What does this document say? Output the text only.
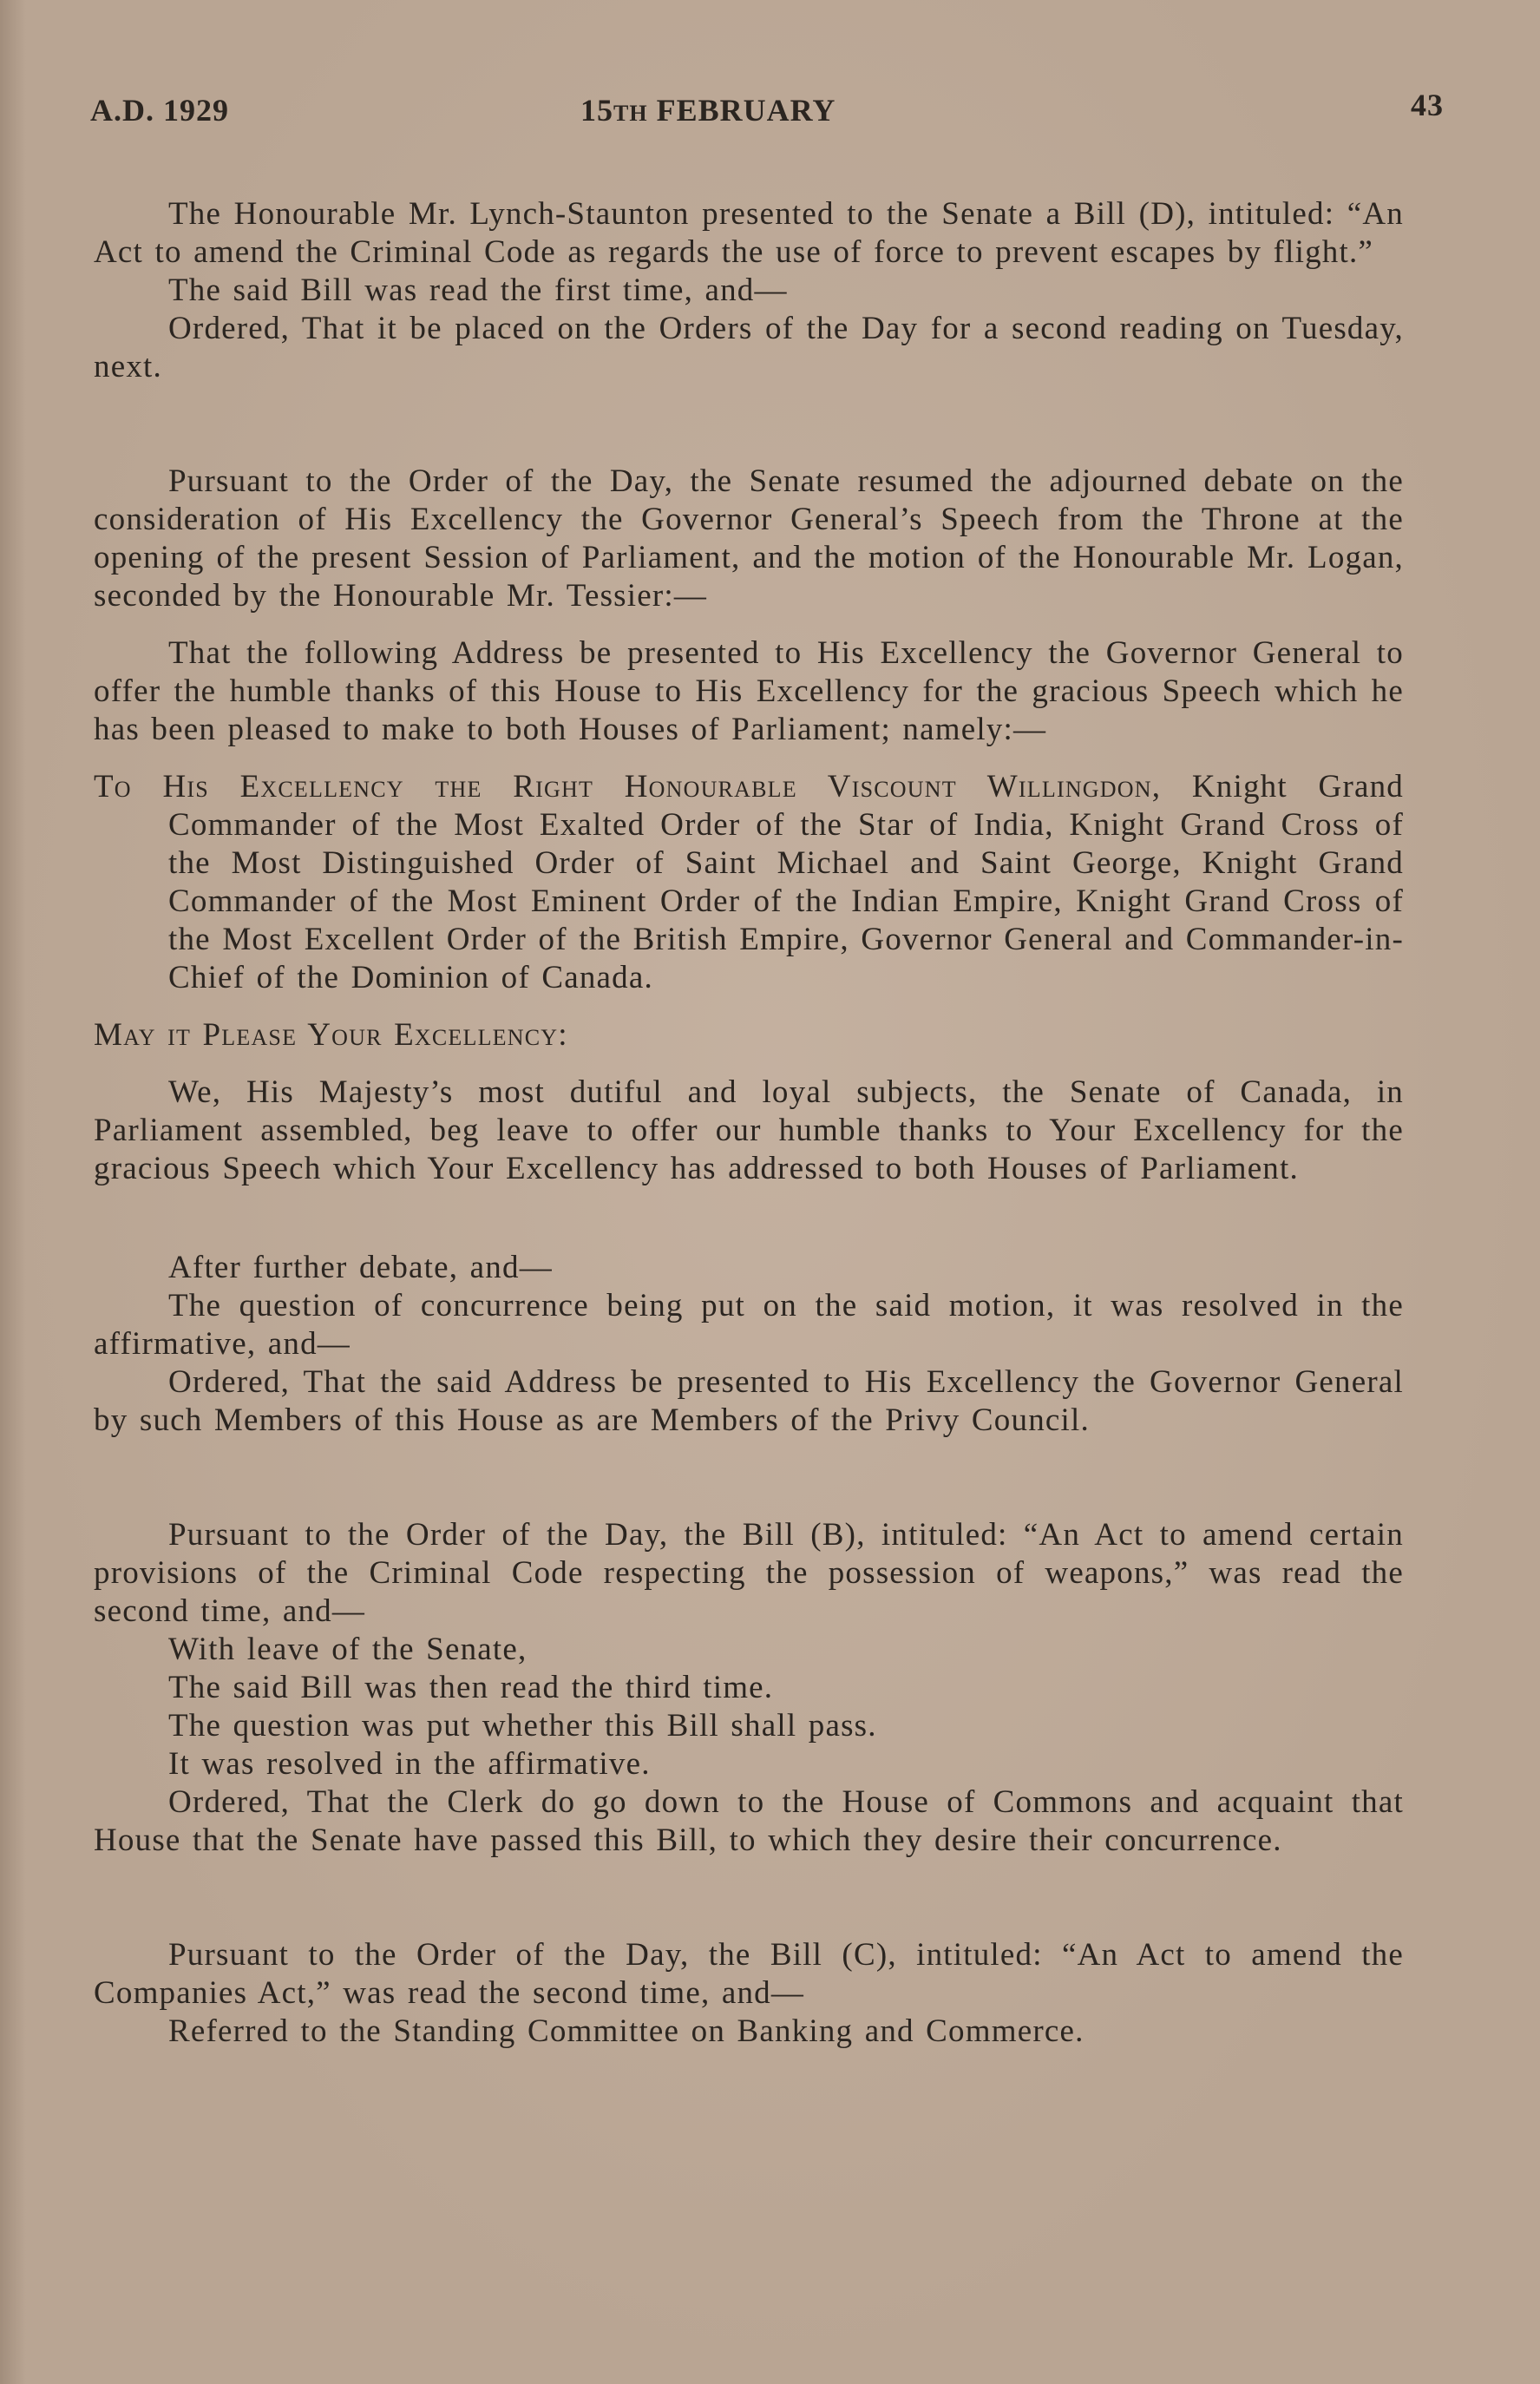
A.D. 1929	15TH FEBRUARY	43

The Honourable Mr. Lynch-Staunton presented to the Senate a Bill (D), intituled: “An Act to amend the Criminal Code as regards the use of force to prevent escapes by flight.”

The said Bill was read the first time, and—

Ordered, That it be placed on the Orders of the Day for a second reading on Tuesday, next.

Pursuant to the Order of the Day, the Senate resumed the adjourned debate on the consideration of His Excellency the Governor General’s Speech from the Throne at the opening of the present Session of Parliament, and the motion of the Honourable Mr. Logan, seconded by the Honourable Mr. Tessier:—

That the following Address be presented to His Excellency the Governor General to offer the humble thanks of this House to His Excellency for the gracious Speech which he has been pleased to make to both Houses of Parliament; namely:—

To His Excellency the Right Honourable Viscount Willingdon, Knight Grand Commander of the Most Exalted Order of the Star of India, Knight Grand Cross of the Most Distinguished Order of Saint Michael and Saint George, Knight Grand Commander of the Most Eminent Order of the Indian Empire, Knight Grand Cross of the Most Excellent Order of the British Empire, Governor General and Commander-in-Chief of the Dominion of Canada.

May it Please Your Excellency:

We, His Majesty’s most dutiful and loyal subjects, the Senate of Canada, in Parliament assembled, beg leave to offer our humble thanks to Your Excellency for the gracious Speech which Your Excellency has addressed to both Houses of Parliament.

After further debate, and—

The question of concurrence being put on the said motion, it was resolved in the affirmative, and—

Ordered, That the said Address be presented to His Excellency the Governor General by such Members of this House as are Members of the Privy Council.

Pursuant to the Order of the Day, the Bill (B), intituled: “An Act to amend certain provisions of the Criminal Code respecting the possession of weapons,” was read the second time, and—

With leave of the Senate,

The said Bill was then read the third time.

The question was put whether this Bill shall pass.

It was resolved in the affirmative.

Ordered, That the Clerk do go down to the House of Commons and acquaint that House that the Senate have passed this Bill, to which they desire their concurrence.

Pursuant to the Order of the Day, the Bill (C), intituled: “An Act to amend the Companies Act,” was read the second time, and—

Referred to the Standing Committee on Banking and Commerce.
